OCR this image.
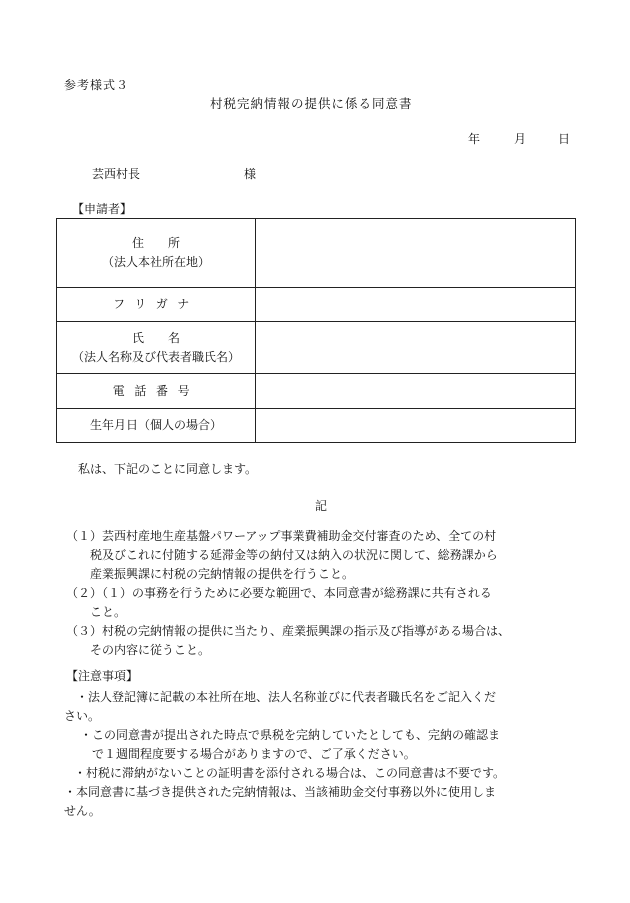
参考様式３
村税完納情報の提供に係る同意書
年	月	日
芸西村長	様
【申請者】
住　　所
（法人本社所在地）	

フリガナ	

氏　　名
（法人名称及び代表者職氏名）	

電話番号	

生年月日（個人の場合）	

私は、下記のことに同意します。
記
（１）芸西村産地生産基盤パワーアップ事業費補助金交付審査のため、全ての村
税及びこれに付随する延滞金等の納付又は納入の状況に関して、総務課から
産業振興課に村税の完納情報の提供を行うこと。
（２）（１）の事務を行うために必要な範囲で、本同意書が総務課に共有される
こと。
（３）村税の完納情報の提供に当たり、産業振興課の指示及び指導がある場合は、
その内容に従うこと。
【注意事項】
・法人登記簿に記載の本社所在地、法人名称並びに代表者職氏名をご記入くだ
さい。
・この同意書が提出された時点で県税を完納していたとしても、完納の確認ま
で１週間程度要する場合がありますので、ご了承ください。
・村税に滞納がないことの証明書を添付される場合は、この同意書は不要です。
・本同意書に基づき提供された完納情報は、当該補助金交付事務以外に使用しま
せん。
